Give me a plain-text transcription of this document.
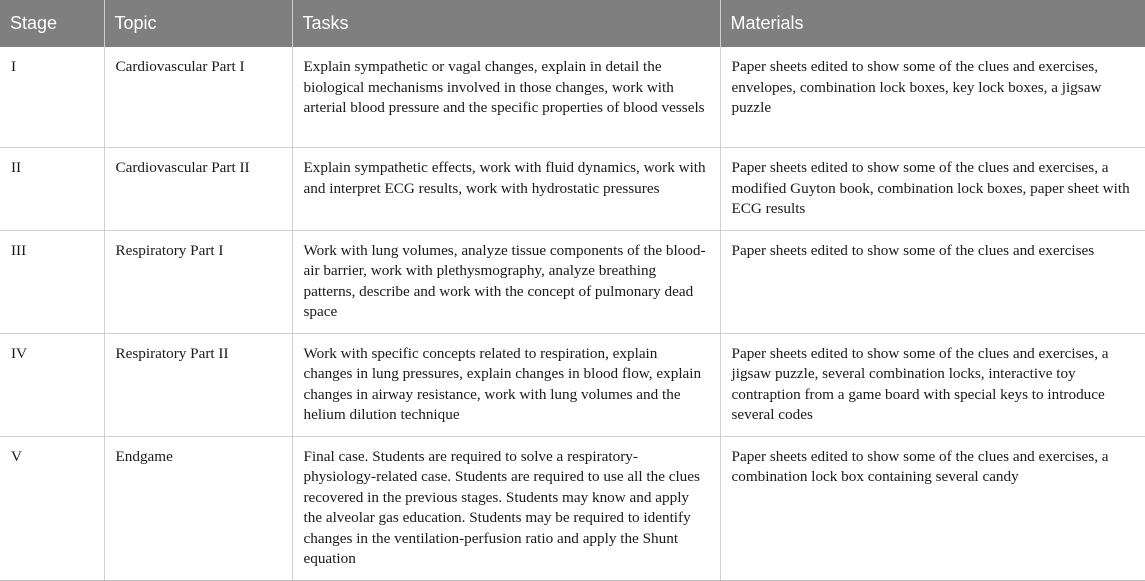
Stage	Topic	Tasks	Materials
I	Cardiovascular Part I	Explain sympathetic or vagal changes, explain in detail the biological mechanisms involved in those changes, work with arterial blood pressure and the specific properties of blood vessels	Paper sheets edited to show some of the clues and exercises, envelopes, combination lock boxes, key lock boxes, a jigsaw puzzle
II	Cardiovascular Part II	Explain sympathetic effects, work with fluid dynamics, work with and interpret ECG results, work with hydrostatic pressures	Paper sheets edited to show some of the clues and exercises, a modified Guyton book, combination lock boxes, paper sheet with ECG results
III	Respiratory Part I	Work with lung volumes, analyze tissue components of the blood-air barrier, work with plethysmography, analyze breathing patterns, describe and work with the concept of pulmonary dead space	Paper sheets edited to show some of the clues and exercises
IV	Respiratory Part II	Work with specific concepts related to respiration, explain changes in lung pressures, explain changes in blood flow, explain changes in airway resistance, work with lung volumes and the helium dilution technique	Paper sheets edited to show some of the clues and exercises, a jigsaw puzzle, several combination locks, interactive toy contraption from a game board with special keys to introduce several codes
V	Endgame	Final case. Students are required to solve a respiratory-physiology-related case. Students are required to use all the clues recovered in the previous stages. Students may know and apply the alveolar gas education. Students may be required to identify changes in the ventilation-perfusion ratio and apply the Shunt equation	Paper sheets edited to show some of the clues and exercises, a combination lock box containing several candy
